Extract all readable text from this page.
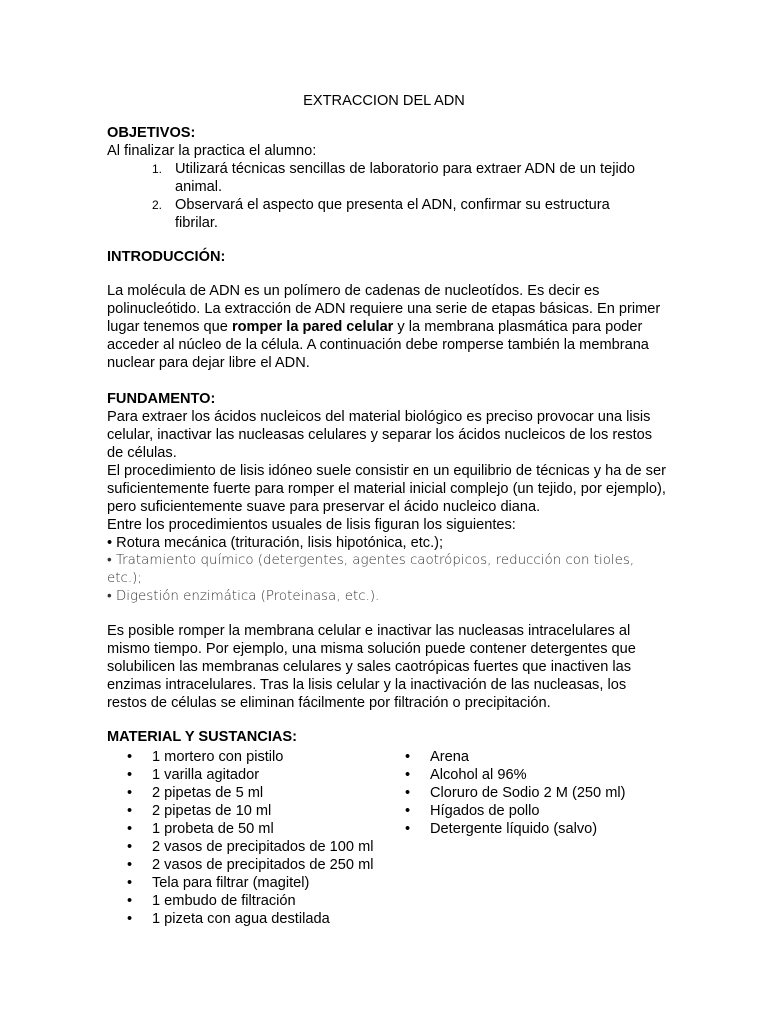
EXTRACCION DEL ADN
OBJETIVOS:
Al finalizar la practica el alumno:
1. Utilizará técnicas sencillas de laboratorio para extraer ADN de un tejido
animal.
2. Observará el aspecto que presenta el ADN, confirmar su estructura
fibrilar.
INTRODUCCIÓN:

La molécula de ADN es un polímero de cadenas de nucleotídos. Es decir es polinucleótido. La extracción de ADN requiere una serie de etapas básicas. En primer lugar tenemos que romper la pared celular y la membrana plasmática para poder acceder al núcleo de la célula. A continuación debe romperse también la membrana nuclear para dejar libre el ADN.

FUNDAMENTO:

Para extraer los ácidos nucleicos del material biológico es preciso provocar una lisis celular, inactivar las nucleasas celulares y separar los ácidos nucleicos de los restos de células.

El procedimiento de lisis idóneo suele consistir en un equilibrio de técnicas y ha de ser suficientemente fuerte para romper el material inicial complejo (un tejido, por ejemplo), pero suficientemente suave para preservar el ácido nucleico diana.

Entre los procedimientos usuales de lisis figuran los siguientes:

• Rotura mecánica (trituración, lisis hipotónica, etc.);

• Tratamiento químico (detergentes, agentes caotrópicos, reducción con tioles, etc.);

• Digestión enzimática (Proteinasa, etc.).

Es posible romper la membrana celular e inactivar las nucleasas intracelulares al mismo tiempo. Por ejemplo, una misma solución puede contener detergentes que solubilicen las membranas celulares y sales caotrópicas fuertes que inactiven las enzimas intracelulares. Tras la lisis celular y la inactivación de las nucleasas, los restos de células se eliminan fácilmente por filtración o precipitación.

MATERIAL Y SUSTANCIAS:
• 1 mortero con pistilo
• 1 varilla agitador
• 2 pipetas de 5 ml
• 2 pipetas de 10 ml
• 1 probeta de 50 ml
• 2 vasos de precipitados de 100 ml
• 2 vasos de precipitados de 250 ml
• Tela para filtrar (magitel)
• 1 embudo de filtración
• 1 pizeta con agua destilada
• Arena
• Alcohol al 96%
• Cloruro de Sodio 2 M (250 ml)
• Hígados de pollo
• Detergente líquido (salvo)
